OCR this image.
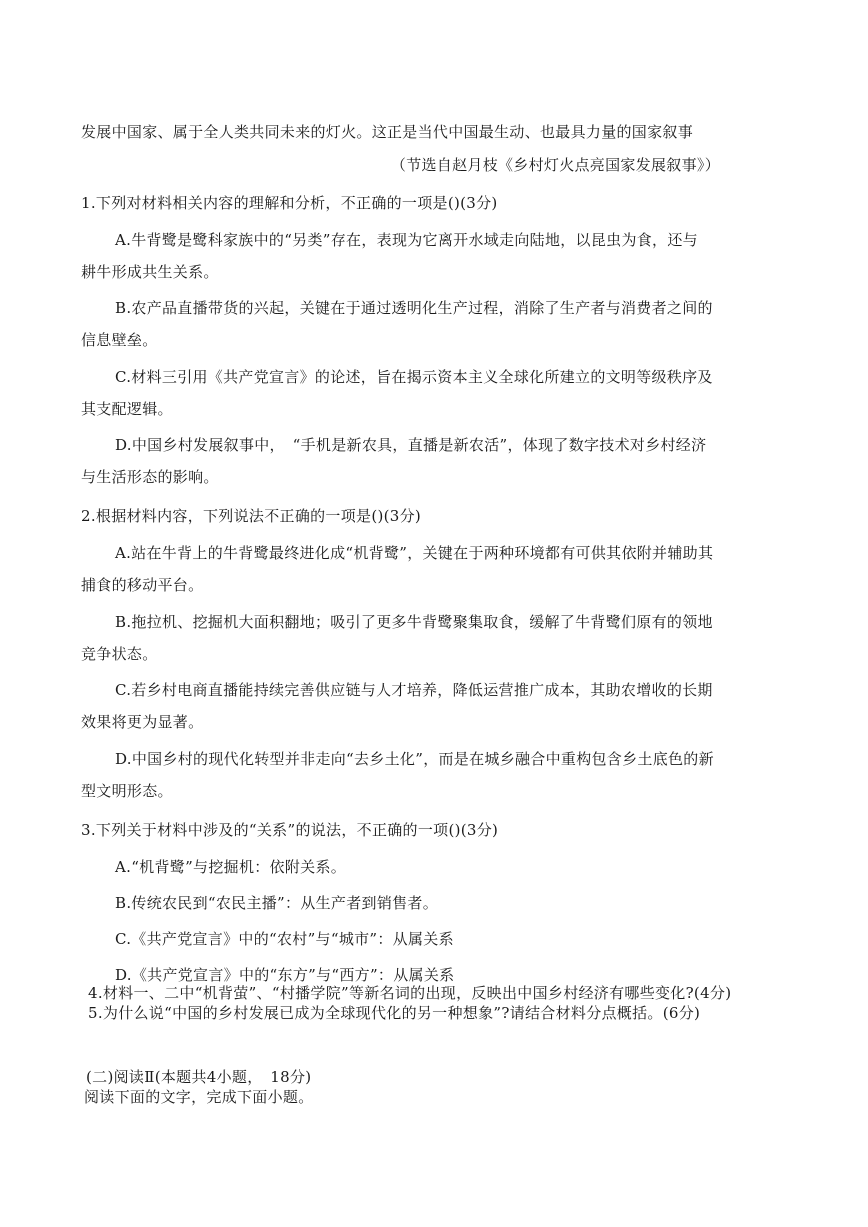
发展中国家、属于全人类共同未来的灯火。这正是当代中国最生动、也最具力量的国家叙事
（节选自赵月枝《乡村灯火点亮国家发展叙事》）
1.下列对材料相关内容的理解和分析，不正确的一项是()(3分)
A.牛背鹭是鹭科家族中的“另类”存在，表现为它离开水域走向陆地，以昆虫为食，还与
耕牛形成共生关系。
B.农产品直播带货的兴起，关键在于通过透明化生产过程，消除了生产者与消费者之间的
信息壁垒。
C.材料三引用《共产党宣言》的论述，旨在揭示资本主义全球化所建立的文明等级秩序及
其支配逻辑。
D.中国乡村发展叙事中，　“手机是新农具，直播是新农活”，体现了数字技术对乡村经济
与生活形态的影响。
2.根据材料内容，下列说法不正确的一项是()(3分)
A.站在牛背上的牛背鹭最终进化成“机背鹭”，关键在于两种环境都有可供其依附并辅助其
捕食的移动平台。
B.拖拉机、挖掘机大面积翻地；吸引了更多牛背鹭聚集取食，缓解了牛背鹭们原有的领地
竞争状态。
C.若乡村电商直播能持续完善供应链与人才培养，降低运营推广成本，其助农增收的长期
效果将更为显著。
D.中国乡村的现代化转型并非走向“去乡土化”，而是在城乡融合中重构包含乡土底色的新
型文明形态。
3.下列关于材料中涉及的“关系”的说法，不正确的一项()(3分)
A.“机背鹭”与挖掘机：依附关系。
B.传统农民到“农民主播”：从生产者到销售者。
C.《共产党宣言》中的“农村”与“城市”：从属关系
D.《共产党宣言》中的“东方”与“西方”：从属关系
4.材料一、二中“机背萤”、“村播学院”等新名词的出现，反映出中国乡村经济有哪些变化?(4分)
5.为什么说“中国的乡村发展已成为全球现代化的另一种想象”?请结合材料分点概括。(6分)
(二)阅读Ⅱ(本题共4小题，　18分)
阅读下面的文字，完成下面小题。
